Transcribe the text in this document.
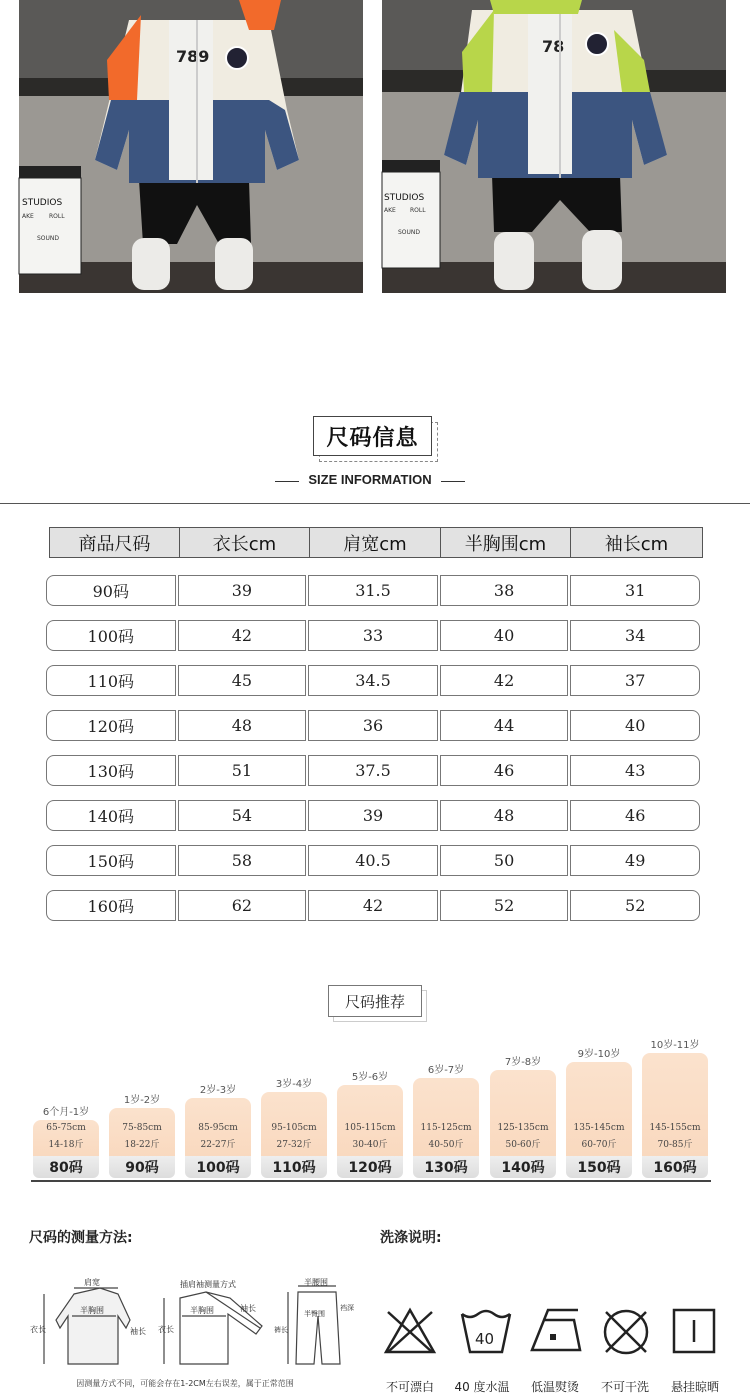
STUDIOS
AKE	ROLL
SOUND
789
STUDIOS
AKE ROLL
SOUND
78
尺码信息
SIZE INFORMATION
商品尺码	衣长cm	肩宽cm	半胸围cm	袖长cm
90码	39	31.5	38	31
100码	42	33	40	34
110码	45	34.5	42	37
120码	48	36	44	40
130码	51	37.5	46	43
140码	54	39	48	46
150码	58	40.5	50	49
160码	62	42	52	52
尺码推荐
6个月-1岁
65-75cm
14-18斤
80码
1岁-2岁
75-85cm
18-22斤
90码
2岁-3岁
85-95cm
22-27斤
100码
3岁-4岁
95-105cm
27-32斤
110码
5岁-6岁
105-115cm
30-40斤
120码
6岁-7岁
115-125cm
40-50斤
130码
7岁-8岁
125-135cm
50-60斤
140码
9岁-10岁
135-145cm
60-70斤
150码
10岁-11岁
145-155cm
70-85斤
160码
尺码的测量方法:	洗涤说明:
肩宽
半胸围
衣长	袖长
插肩袖测量方式
半胸围
衣长
袖长
半腰围
裆深
裤长
半臀围
因测量方式不同，可能会存在1-2CM左右误差，属于正常范围
40
不可漂白	40 度水温	低温熨烫	不可干洗	悬挂晾晒
